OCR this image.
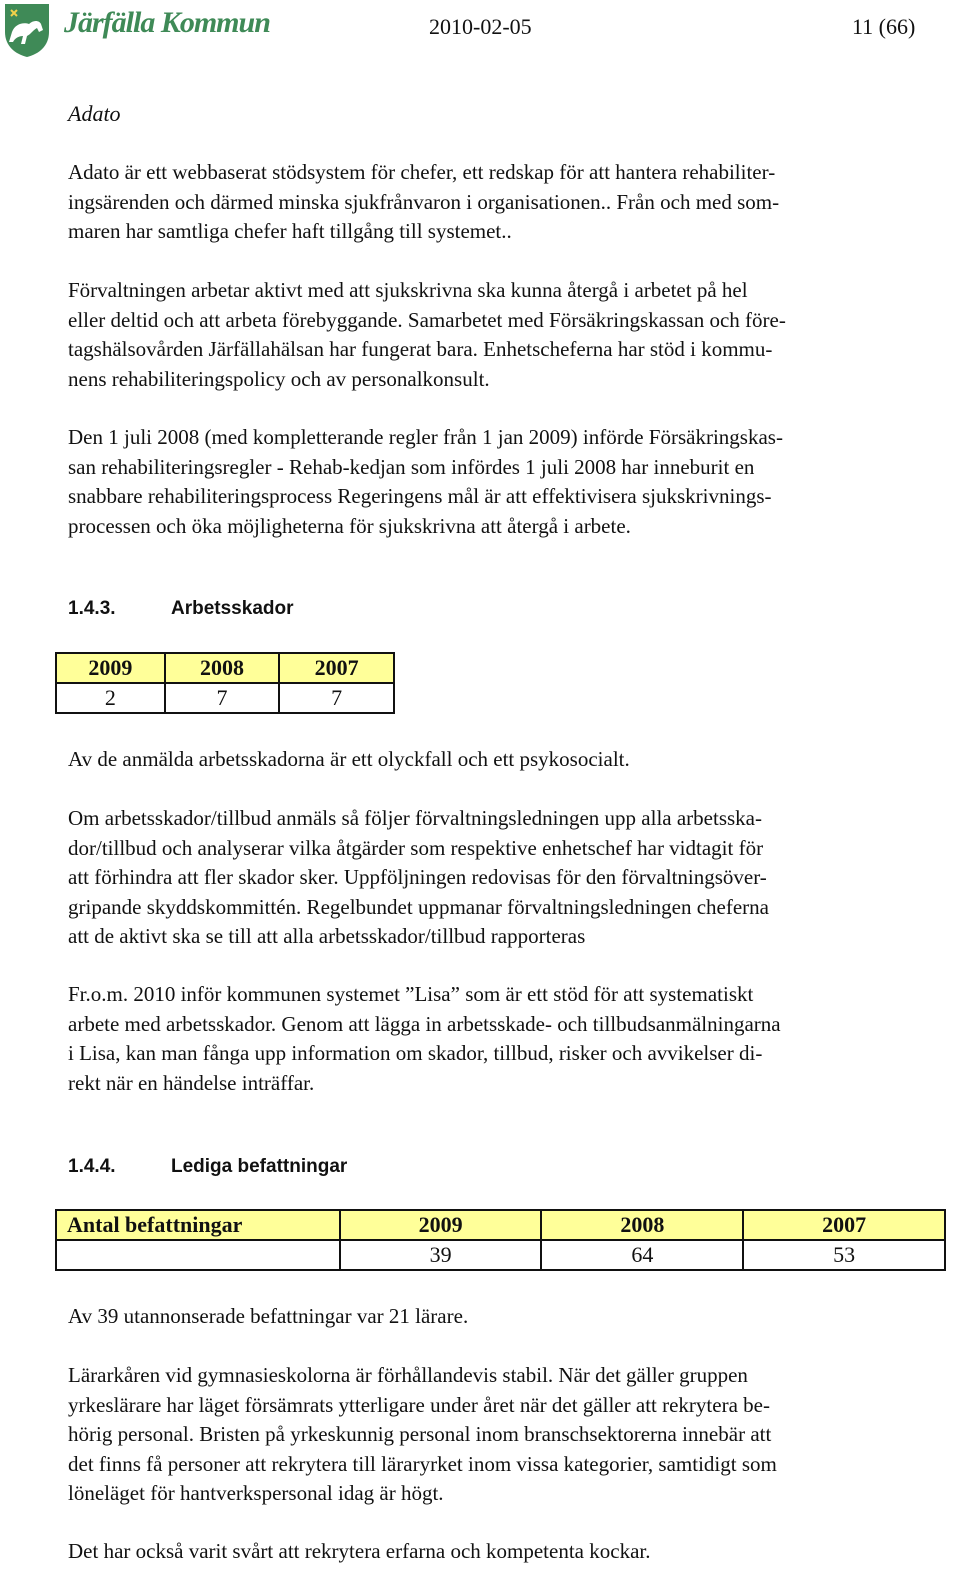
Järfälla Kommun	2010-02-05	11 (66)
Adato
Adato är ett webbaserat stödsystem för chefer, ett redskap för att hantera rehabiliter-
ingsärenden och därmed minska sjukfrånvaron i organisationen.. Från och med som-
maren har samtliga chefer haft tillgång till systemet..
Förvaltningen arbetar aktivt med att sjukskrivna ska kunna återgå i arbetet på hel
eller deltid och att arbeta förebyggande. Samarbetet med Försäkringskassan och före-
tagshälsovården Järfällahälsan har fungerat bara. Enhetscheferna har stöd i kommu-
nens rehabiliteringspolicy och av personalkonsult.
Den 1 juli 2008 (med kompletterande regler från 1 jan 2009) införde Försäkringskas-
san rehabiliteringsregler - Rehab-kedjan som infördes 1 juli 2008 har inneburit en
snabbare rehabiliteringsprocess Regeringens mål är att effektivisera sjukskrivnings-
processen och öka möjligheterna för sjukskrivna att återgå i arbete.
1.4.3.	Arbetsskador
2009	2008	2007
2	7	7
Av de anmälda arbetsskadorna är ett olyckfall och ett psykosocialt.
Om arbetsskador/tillbud anmäls så följer förvaltningsledningen upp alla arbetsska-
dor/tillbud och analyserar vilka åtgärder som respektive enhetschef har vidtagit för
att förhindra att fler skador sker. Uppföljningen redovisas för den förvaltningsöver-
gripande skyddskommittén. Regelbundet uppmanar förvaltningsledningen cheferna
att de aktivt ska se till att alla arbetsskador/tillbud rapporteras
Fr.o.m. 2010 inför kommunen systemet ”Lisa” som är ett stöd för att systematiskt
arbete med arbetsskador. Genom att lägga in arbetsskade- och tillbudsanmälningarna
i Lisa, kan man fånga upp information om skador, tillbud, risker och avvikelser di-
rekt när en händelse inträffar.
1.4.4.	Lediga befattningar
Antal befattningar	2009	2008	2007
	39	64	53
Av 39 utannonserade befattningar var 21 lärare.
Lärarkåren vid gymnasieskolorna är förhållandevis stabil. När det gäller gruppen
yrkeslärare har läget försämrats ytterligare under året när det gäller att rekrytera be-
hörig personal. Bristen på yrkeskunnig personal inom branschsektorerna innebär att
det finns få personer att rekrytera till läraryrket inom vissa kategorier, samtidigt som
löneläget för hantverkspersonal idag är högt.
Det har också varit svårt att rekrytera erfarna och kompetenta kockar.
